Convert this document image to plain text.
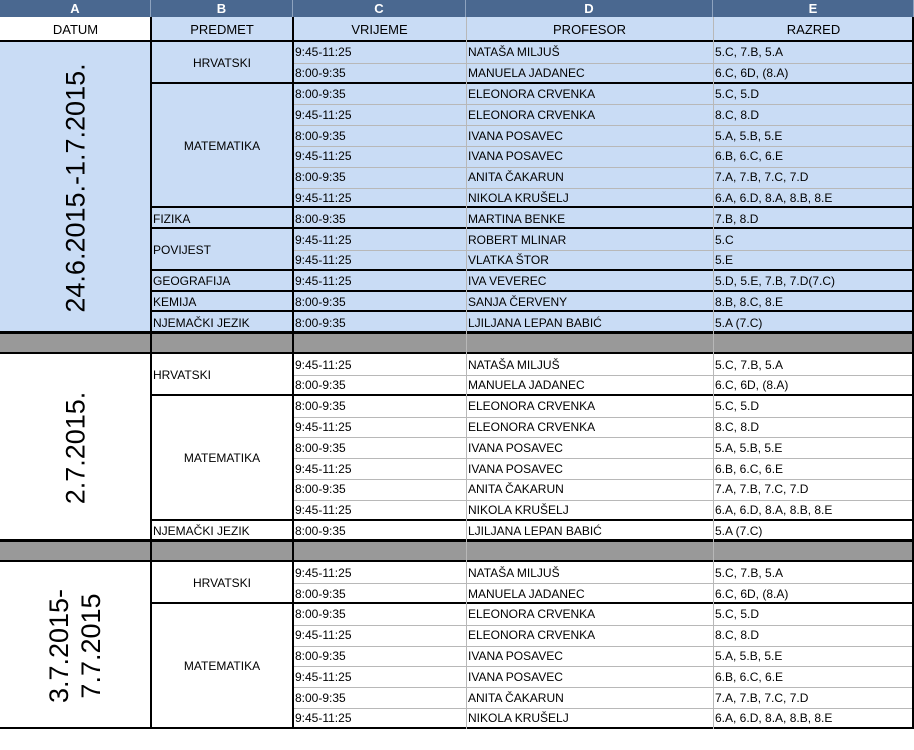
A	B	C	D	E
DATUM	PREDMET	VRIJEME	PROFESOR	RAZRED
24.6.2015.-1.7.2015.
HRVATSKI
9:45-11:25	NATAŠA MILJUŠ	5.C, 7.B, 5.A
8:00-9:35	MANUELA JADANEC	6.C, 6D, (8.A)
MATEMATIKA
8:00-9:35	ELEONORA CRVENKA	5.C, 5.D
9:45-11:25	ELEONORA CRVENKA	8.C, 8.D
8:00-9:35	IVANA POSAVEC	5.A, 5.B, 5.E
9:45-11:25	IVANA POSAVEC	6.B, 6.C, 6.E
8:00-9:35	ANITA ČAKARUN	7.A, 7.B, 7.C, 7.D
9:45-11:25	NIKOLA KRUŠELJ	6.A, 6.D, 8.A, 8.B, 8.E
FIZIKA	8:00-9:35	MARTINA BENKE	7.B, 8.D
POVIJEST
9:45-11:25	ROBERT MLINAR	5.C
9:45-11:25	VLATKA ŠTOR	5.E
GEOGRAFIJA	9:45-11:25	IVA VEVEREC	5.D, 5.E, 7.B, 7.D(7.C)
KEMIJA	8:00-9:35	SANJA ČERVENY	8.B, 8.C, 8.E
NJEMAČKI JEZIK	8:00-9:35	LJILJANA LEPAN BABIĆ	5.A (7.C)
2.7.2015.
HRVATSKI
9:45-11:25	NATAŠA MILJUŠ	5.C, 7.B, 5.A
8:00-9:35	MANUELA JADANEC	6.C, 6D, (8.A)
MATEMATIKA
8:00-9:35	ELEONORA CRVENKA	5.C, 5.D
9:45-11:25	ELEONORA CRVENKA	8.C, 8.D
8:00-9:35	IVANA POSAVEC	5.A, 5.B, 5.E
9:45-11:25	IVANA POSAVEC	6.B, 6.C, 6.E
8:00-9:35	ANITA ČAKARUN	7.A, 7.B, 7.C, 7.D
9:45-11:25	NIKOLA KRUŠELJ	6.A, 6.D, 8.A, 8.B, 8.E
NJEMAČKI JEZIK	8:00-9:35	LJILJANA LEPAN BABIĆ	5.A (7.C)
3.7.2015- 7.7.2015
HRVATSKI
9:45-11:25	NATAŠA MILJUŠ	5.C, 7.B, 5.A
8:00-9:35	MANUELA JADANEC	6.C, 6D, (8.A)
MATEMATIKA
8:00-9:35	ELEONORA CRVENKA	5.C, 5.D
9:45-11:25	ELEONORA CRVENKA	8.C, 8.D
8:00-9:35	IVANA POSAVEC	5.A, 5.B, 5.E
9:45-11:25	IVANA POSAVEC	6.B, 6.C, 6.E
8:00-9:35	ANITA ČAKARUN	7.A, 7.B, 7.C, 7.D
9:45-11:25	NIKOLA KRUŠELJ	6.A, 6.D, 8.A, 8.B, 8.E
